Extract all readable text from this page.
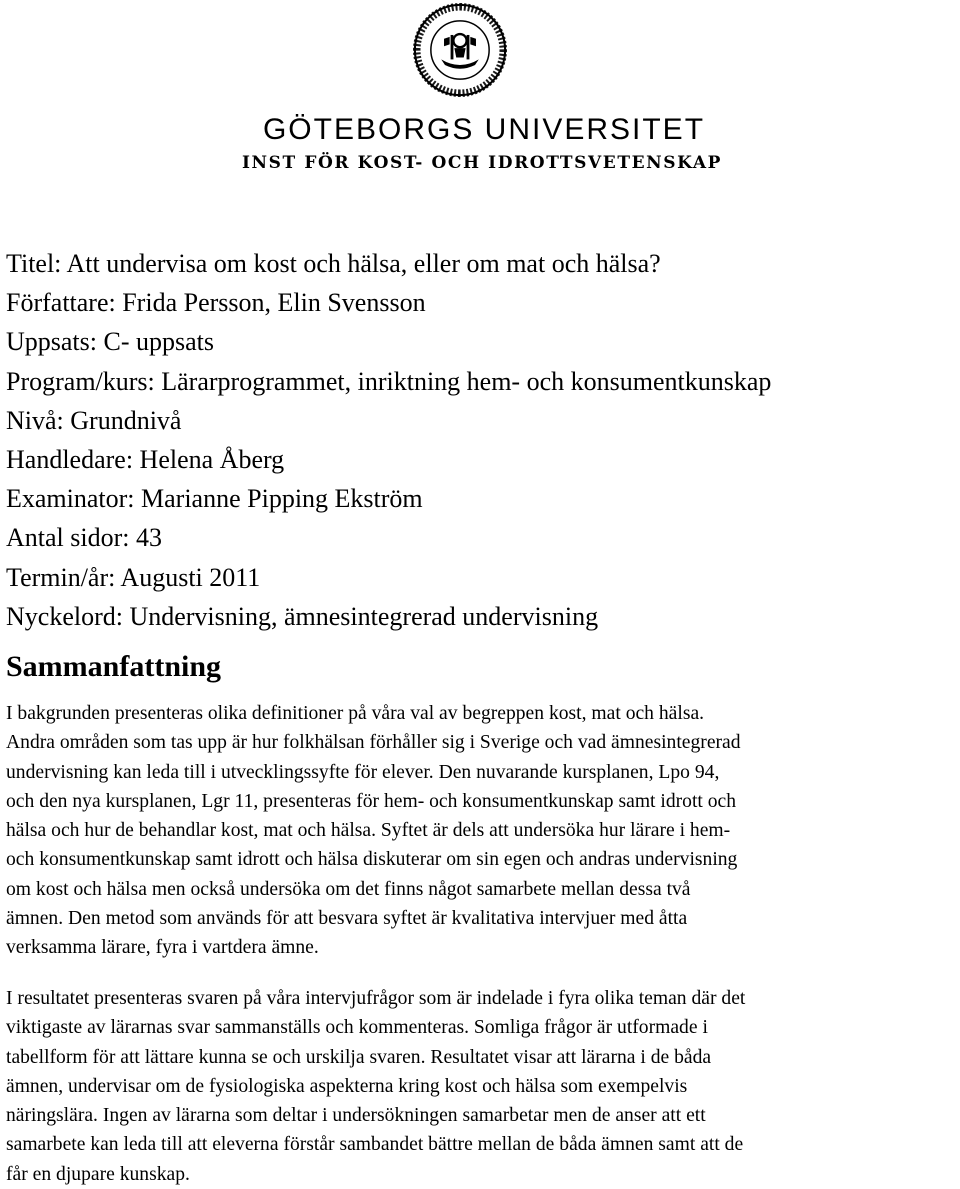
GÖTEBORGS UNIVERSITET
INST FÖR KOST- OCH IDROTTSVETENSKAP
Titel: Att undervisa om kost och hälsa, eller om mat och hälsa?
Författare: Frida Persson, Elin Svensson
Uppsats: C- uppsats
Program/kurs: Lärarprogrammet, inriktning hem- och konsumentkunskap
Nivå: Grundnivå
Handledare: Helena Åberg
Examinator: Marianne Pipping Ekström
Antal sidor: 43
Termin/år: Augusti 2011
Nyckelord: Undervisning, ämnesintegrerad undervisning
Sammanfattning
I bakgrunden presenteras olika definitioner på våra val av begreppen kost, mat och hälsa.
Andra områden som tas upp är hur folkhälsan förhåller sig i Sverige och vad ämnesintegrerad
undervisning kan leda till i utvecklingssyfte för elever. Den nuvarande kursplanen, Lpo 94,
och den nya kursplanen, Lgr 11, presenteras för hem- och konsumentkunskap samt idrott och
hälsa och hur de behandlar kost, mat och hälsa. Syftet är dels att undersöka hur lärare i hem-
och konsumentkunskap samt idrott och hälsa diskuterar om sin egen och andras undervisning
om kost och hälsa men också undersöka om det finns något samarbete mellan dessa två
ämnen. Den metod som används för att besvara syftet är kvalitativa intervjuer med åtta
verksamma lärare, fyra i vartdera ämne.
I resultatet presenteras svaren på våra intervjufrågor som är indelade i fyra olika teman där det
viktigaste av lärarnas svar sammanställs och kommenteras. Somliga frågor är utformade i
tabellform för att lättare kunna se och urskilja svaren. Resultatet visar att lärarna i de båda
ämnen, undervisar om de fysiologiska aspekterna kring kost och hälsa som exempelvis
näringslära. Ingen av lärarna som deltar i undersökningen samarbetar men de anser att ett
samarbete kan leda till att eleverna förstår sambandet bättre mellan de båda ämnen samt att de
får en djupare kunskap.
